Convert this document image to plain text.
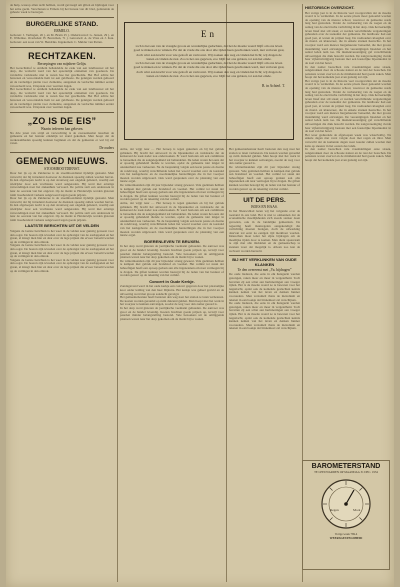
de hulp, waarop allen recht hebben, wordt gevraagd om giften en bijdragen voor het arme gezin. Verschenen te Ermelo bij het bureau van dit blad, gedurende de geheele week te bezorgen.
BURGERLIJKE STAND.
ERMELO.
Geboren: J. Verhagen, 26 j. en M. Bruin 25 j. Ondertrouwd: G. Jansen, 29 j. en E. Willemse. Overleden: H. Bouwman, 71 j. Getrouwd: A. de Vries en J. Kok. Geboren: een zoon van W. Hendriks. Ingekomen: C. Mulder van Putten.
RECHTZAKEN.
Beroepingen van mijnheer Gelijn.
Het Gerechtshof te Arnhem behandelde de zaak van een landbouwer uit het dorp, die verdacht werd van het opzettelijk ontnemen van goederen. De verdachte verklaarde niet te weten hoe het geschiedde. Het Hof achtte het bewezen en veroordeelde hem tot een geldboete. De getuigen werden gehoord en de verdediger pleitte voor clementie, aangezien de verdachte nimmer eerder veroordeeld was. Uitspraak over veertien dagen.
Het Gerechtshof te Arnhem behandelde de zaak van een landbouwer uit het dorp, die verdacht werd van het opzettelijk ontnemen van goederen. De verdachte verklaarde niet te weten hoe het geschiedde. Het Hof achtte het bewezen en veroordeelde hem tot een geldboete. De getuigen werden gehoord en de verdediger pleitte voor clementie, aangezien de verdachte nimmer eerder veroordeeld was. Uitspraak over veertien dagen.
„ZO IS DE EIS”
Waarin iedereen kan geloven.
Na drie jaren van strijd en verwachting is de overeenkomst tusschen de gemeente en het bestuur eindelijk tot stand gekomen. Men hoopt dat de werkzaamheden spoedig kunnen beginnen en dat de gemeente er wel bij zal varen.
De ouders
GEMENGD NIEUWS.
STOOMBOOTDIENST.
Door het ijs op de Zuiderzee is de stoombootdienst tijdelijk gestaakt. Men verwacht dat bij intredend dooiweer de diensten spoedig zullen worden hervat. In den afgeloopen nacht is op den straatweg een ongeluk gebeurd, waarbij een wielrijder door een vrachtauto werd aangereden. Hij werd met ernstige verwondingen naar het ziekenhuis vervoerd. De politie stelt een onderzoek in naar de oorzaak van het ongeval. Op de markt te Harderwijk werden gisteren ruim tweehonderd varkens aangevoerd tegen goede prijzen.
Door het ijs op de Zuiderzee is de stoombootdienst tijdelijk gestaakt. Men verwacht dat bij intredend dooiweer de diensten spoedig zullen worden hervat. In den afgeloopen nacht is op den straatweg een ongeluk gebeurd, waarbij een wielrijder door een vrachtauto werd aangereden. Hij werd met ernstige verwondingen naar het ziekenhuis vervoerd. De politie stelt een onderzoek in naar de oorzaak van het ongeval. Op de markt te Harderwijk werden gisteren ruim tweehonderd varkens aangevoerd tegen goede prijzen.
LAATSTE BERICHTEN UIT DE VELDEN
Volgens de laatste berichten is het weer in de velden zeer gunstig geweest voor den oogst. De boeren zijn tevreden over de opbrengst van de aardappelen en het graan, al klaagt men hier en daar over de lage prijzen die ervoor betaald worden op de veilingen in den omtrek.
Volgens de laatste berichten is het weer in de velden zeer gunstig geweest voor den oogst. De boeren zijn tevreden over de opbrengst van de aardappelen en het graan, al klaagt men hier en daar over de lage prijzen die ervoor betaald worden op de veilingen in den omtrek.
Volgens de laatste berichten is het weer in de velden zeer gunstig geweest voor den oogst. De boeren zijn tevreden over de opbrengst van de aardappelen en het graan, al klaagt men hier en daar over de lage prijzen die ervoor betaald worden op de veilingen in den omtrek.
En
toch is het een van de vreugde groote en wonderlijke gedachten, dat het de moeite waard blijft om ons leven goed te maken en te winnen. En dat de vrede die ons door alle tijden heen geschonken werd, niet verloren gaat, doch wint aan kracht voor wie gelooft en vertrouwt. Wij zoeken den weg en vinden het licht; wij dragen de lasten en vinden de rust. Zoo is het ons gegeven, zoo blijft het ons gelaten, tot aan het einde.
toch is het een van de vreugde groote en wonderlijke gedachten, dat het de moeite waard blijft om ons leven goed te maken en te winnen. En dat de vrede die ons door alle tijden heen geschonken werd, niet verloren gaat, doch wint aan kracht voor wie gelooft en vertrouwt. Wij zoeken den weg en vinden het licht; wij dragen de lasten en vinden de rust. Zoo is het ons gegeven, zoo blijft het ons gelaten, tot aan het einde.
B. in Achterl. T.
Arme, dat wijgt naar … Het beroep is tegen gekomen en bij het gebrek gebleken. Hij bracht het antwoord in de bijeenkomst en verklaarde dat de kerkeraad de zaak nader zou onderzoeken. Er werd besloten om een commissie te benoemen die de aangelegenheid zal behandelen. De leden waren het eens dat er spoedig gehandeld diende te worden, opdat de gemeente niet langer in onzekerheid zou verkeeren. Na de bespreking volgde een korte pauze en daarna de rondvraag, waarbij verschillende leden het woord voerden over de toestand van het kerkgebouw en de noodzakelijke herstellingen die in het voorjaar moeten worden uitgevoerd. Ook werd gesproken over de plaatsing van een nieuw orgel.
De wintermaanden zijn dit jaar bijzonder streng geweest. Vele gezinnen hebben te kampen met gebrek aan brandstof en voedsel. Het comité tot steun der behoeftigen heeft een oproep gedaan aan alle ingezetenen om naar vermogen bij te dragen. De giften kunnen worden bezorgd bij de leden van het bestuur of worden gestort op de rekening van het comité.
Arme, dat wijgt naar … Het beroep is tegen gekomen en bij het gebrek gebleken. Hij bracht het antwoord in de bijeenkomst en verklaarde dat de kerkeraad de zaak nader zou onderzoeken. Er werd besloten om een commissie te benoemen die de aangelegenheid zal behandelen. De leden waren het eens dat er spoedig gehandeld diende te worden, opdat de gemeente niet langer in onzekerheid zou verkeeren. Na de bespreking volgde een korte pauze en daarna de rondvraag, waarbij verschillende leden het woord voerden over de toestand van het kerkgebouw en de noodzakelijke herstellingen die in het voorjaar moeten worden uitgevoerd. Ook werd gesproken over de plaatsing van een nieuw orgel.
BOERENLEVEN TE BRUXEN.
In het dorp werd gisteren de jaarlijksche veemarkt gehouden. De aanvoer was groot en de handel levendig. Koeien brachten goede prijzen op, terwijl voor paarden minder belangstelling bestond. Vele bezoekers uit de omliggende plaatsen waren naar het dorp gekomen om de markt bij te wonen.
De wintermaanden zijn dit jaar bijzonder streng geweest. Vele gezinnen hebben te kampen met gebrek aan brandstof en voedsel. Het comité tot steun der behoeftigen heeft een oproep gedaan aan alle ingezetenen om naar vermogen bij te dragen. De giften kunnen worden bezorgd bij de leden van het bestuur of worden gestort op de rekening van het comité.
Concert in Oude Kerkje.
Zondagavond werd in het oude kerkje een concert gegeven door het plaatselijke koor onder leiding van den heer Dijkstra. Het kerkje was geheel gevuld en de uitvoering werd met groote aandacht gevolgd.
Het gemeentebestuur heeft besloten den weg naar het station te laten verbeteren. De kosten worden geraamd op ruim duizend gulden. Men hoopt met het werk in het voorjaar te kunnen aanvangen, zoodat de weg voor den zomer gereed is.
In het dorp werd gisteren de jaarlijksche veemarkt gehouden. De aanvoer was groot en de handel levendig. Koeien brachten goede prijzen op, terwijl voor paarden minder belangstelling bestond. Vele bezoekers uit de omliggende plaatsen waren naar het dorp gekomen om de markt bij te wonen.
Het gemeentebestuur heeft besloten den weg naar het station te laten verbeteren. De kosten worden geraamd op ruim duizend gulden. Men hoopt met het werk in het voorjaar te kunnen aanvangen, zoodat de weg voor den zomer gereed is.
De wintermaanden zijn dit jaar bijzonder streng geweest. Vele gezinnen hebben te kampen met gebrek aan brandstof en voedsel. Het comité tot steun der behoeftigen heeft een oproep gedaan aan alle ingezetenen om naar vermogen bij te dragen. De giften kunnen worden bezorgd bij de leden van het bestuur of worden gestort op de rekening van het comité.
UIT DE PERS.
BOES EN HAAS.
In het Nieuwsblad lezen wij het volgende over de toestand in ons land. Het is niet te ontkennen dat de economische moeilijkheden zich steeds sterker doen gevoelen, ook in de landelijke gemeenten. De regeering heeft maatregelen aangekondigd die verlichting moeten brengen, doch de uitwerking daarvan zal eerst na eenigen tijd merkbaar worden. Intusschen moet ieder het zijne bijdragen om de moeilijke tijden door te komen. Men dient spaarzaam te zijn met alle middelen en de gemeenschap te steunen waar dat mogelijk is. Alleen zoo kan de welvaart worden hersteld.
BIJ HET VERKLINKEN VAN OUDE KLANKEN
Te den overeenst met „Va. bijdragen”
De oude liederen, die eens in elk huisgezin werden gezongen, raken meer en meer in vergetelheid. Toch bevatten zij een schat aan herinneringen aan vroeger tijden. Het is de moeite waard ze te bewaren voor het nageslacht, opdat ook de komende geslachten kennis kunnen nemen van het leven en denken hunner voorouders. Men verzamelt thans de melodieën en teksten in een boekje dat binnenkort zal verschijnen.
De oude liederen, die eens in elk huisgezin werden gezongen, raken meer en meer in vergetelheid. Toch bevatten zij een schat aan herinneringen aan vroeger tijden. Het is de moeite waard ze te bewaren voor het nageslacht, opdat ook de komende geslachten kennis kunnen nemen van het leven en denken hunner voorouders. Men verzamelt thans de melodieën en teksten in een boekje dat binnenkort zal verschijnen.
HISTORISCH OVERZICHT.
Het vorige jaar is in de historie veel voorgevallen dat de moeite waard is te vermelden. In de eerste plaats moet genoemd worden de opening van de nieuwe school, waarvoor de gemeente reeds lang had gestreden. Verder de verbetering van de wegen en de aanleg van de electrische verlichting in het dorp. Ook het kerkelijk leven bleef niet stil staan; er werden verschillende vergaderingen gehouden over de toekomst der gemeente. De landbouw had een goed jaar, al waren de prijzen laag. De veehouders klaagden over de mond- en klauwzeer, die in enkele streken heerschte. In het voorjaar werd een nieuwe burgemeester benoemd, die met groote instemming werd ontvangen. De vereenigingen bloeiden en het aantal leden nam toe. De muziekvereeniging gaf verschillende uitvoeringen die druk bezocht werden. De zangvereeniging vierde haar vijfentwintigjarig bestaan met een feestelijke bijeenkomst in de zaal van het hotel.
In den zomer bezochten vele vreemdelingen onze streek, aangetrokken door de schoone natuur en de rust der bosschen. De pensions waren overvol en de middenstand had goede zaken. Men hoopt dat het komende jaar even gunstig zal zijn.
Het vorige jaar is in de historie veel voorgevallen dat de moeite waard is te vermelden. In de eerste plaats moet genoemd worden de opening van de nieuwe school, waarvoor de gemeente reeds lang had gestreden. Verder de verbetering van de wegen en de aanleg van de electrische verlichting in het dorp. Ook het kerkelijk leven bleef niet stil staan; er werden verschillende vergaderingen gehouden over de toekomst der gemeente. De landbouw had een goed jaar, al waren de prijzen laag. De veehouders klaagden over de mond- en klauwzeer, die in enkele streken heerschte. In het voorjaar werd een nieuwe burgemeester benoemd, die met groote instemming werd ontvangen. De vereenigingen bloeiden en het aantal leden nam toe. De muziekvereeniging gaf verschillende uitvoeringen die druk bezocht werden. De zangvereeniging vierde haar vijfentwintigjarig bestaan met een feestelijke bijeenkomst in de zaal van het hotel.
Het weer gedurende de afgeloopen week was wisselvallig. Na enkele dagen met vorst volgde dooi met regen en mist. Men verwacht dat de komende dagen weer kouder zullen worden met kans op sneeuw in het oosten des lands.
In den zomer bezochten vele vreemdelingen onze streek, aangetrokken door de schoone natuur en de rust der bosschen. De pensions waren overvol en de middenstand had goede zaken. Men hoopt dat het komende jaar even gunstig zal zijn.
BAROMETERSTAND
TE LEEUWARDEN OP MAANDAG 31 DEC. 1934
Regen	Mooi
Vorige week 769.4
WEERSGESTELDHEID
